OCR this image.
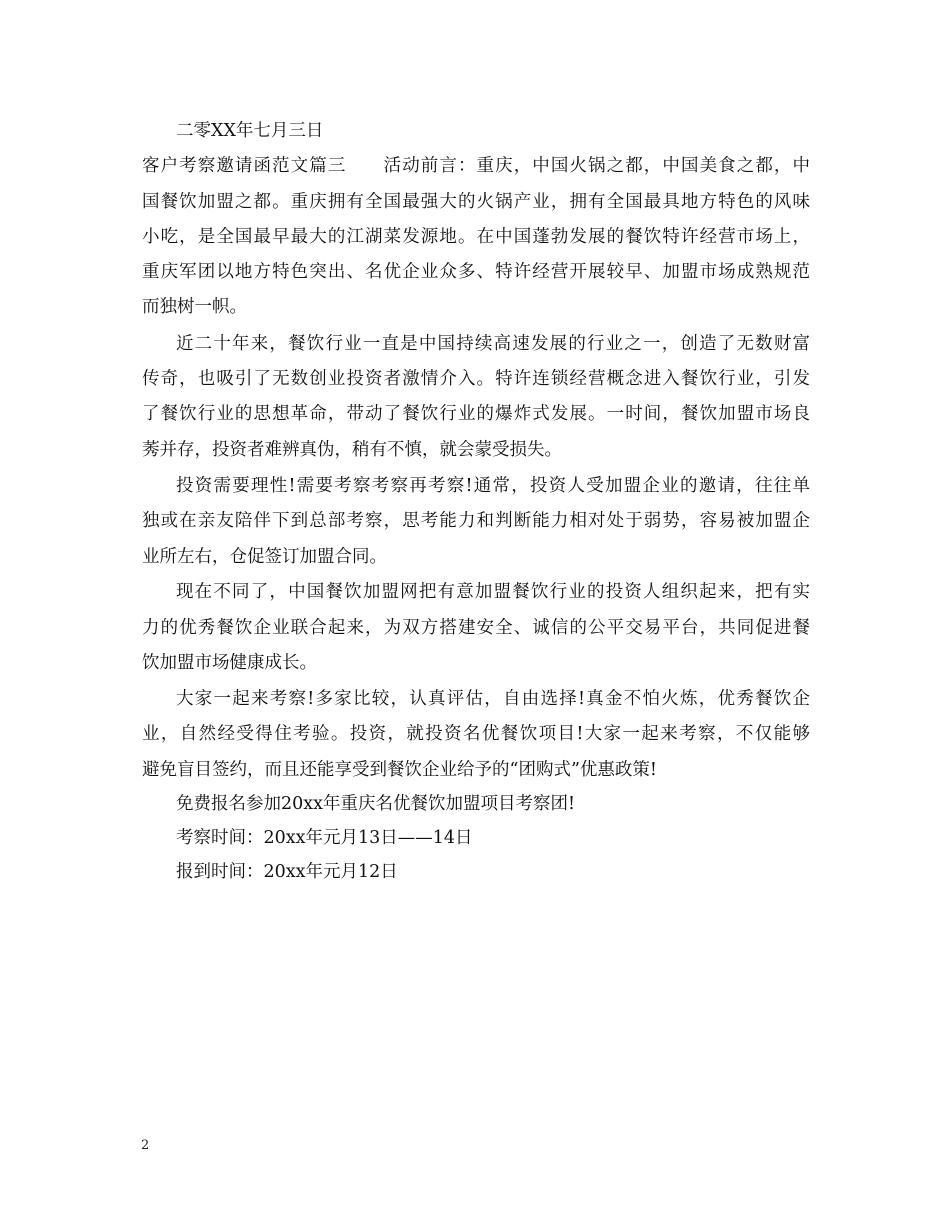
二零XX年七月三日
客户考察邀请函范文篇三　　活动前言：重庆，中国火锅之都，中国美食之都，中
国餐饮加盟之都。重庆拥有全国最强大的火锅产业，拥有全国最具地方特色的风味
小吃，是全国最早最大的江湖菜发源地。在中国蓬勃发展的餐饮特许经营市场上，
重庆军团以地方特色突出、名优企业众多、特许经营开展较早、加盟市场成熟规范
而独树一帜。
近二十年来，餐饮行业一直是中国持续高速发展的行业之一，创造了无数财富
传奇，也吸引了无数创业投资者激情介入。特许连锁经营概念进入餐饮行业，引发
了餐饮行业的思想革命，带动了餐饮行业的爆炸式发展。一时间，餐饮加盟市场良
莠并存，投资者难辨真伪，稍有不慎，就会蒙受损失。
投资需要理性!需要考察考察再考察!通常，投资人受加盟企业的邀请，往往单
独或在亲友陪伴下到总部考察，思考能力和判断能力相对处于弱势，容易被加盟企
业所左右，仓促签订加盟合同。
现在不同了，中国餐饮加盟网把有意加盟餐饮行业的投资人组织起来，把有实
力的优秀餐饮企业联合起来，为双方搭建安全、诚信的公平交易平台，共同促进餐
饮加盟市场健康成长。
大家一起来考察!多家比较，认真评估，自由选择!真金不怕火炼，优秀餐饮企
业，自然经受得住考验。投资，就投资名优餐饮项目!大家一起来考察，不仅能够
避免盲目签约，而且还能享受到餐饮企业给予的“团购式”优惠政策!
免费报名参加20xx年重庆名优餐饮加盟项目考察团!
考察时间：20xx年元月13日——14日
报到时间：20xx年元月12日
2
